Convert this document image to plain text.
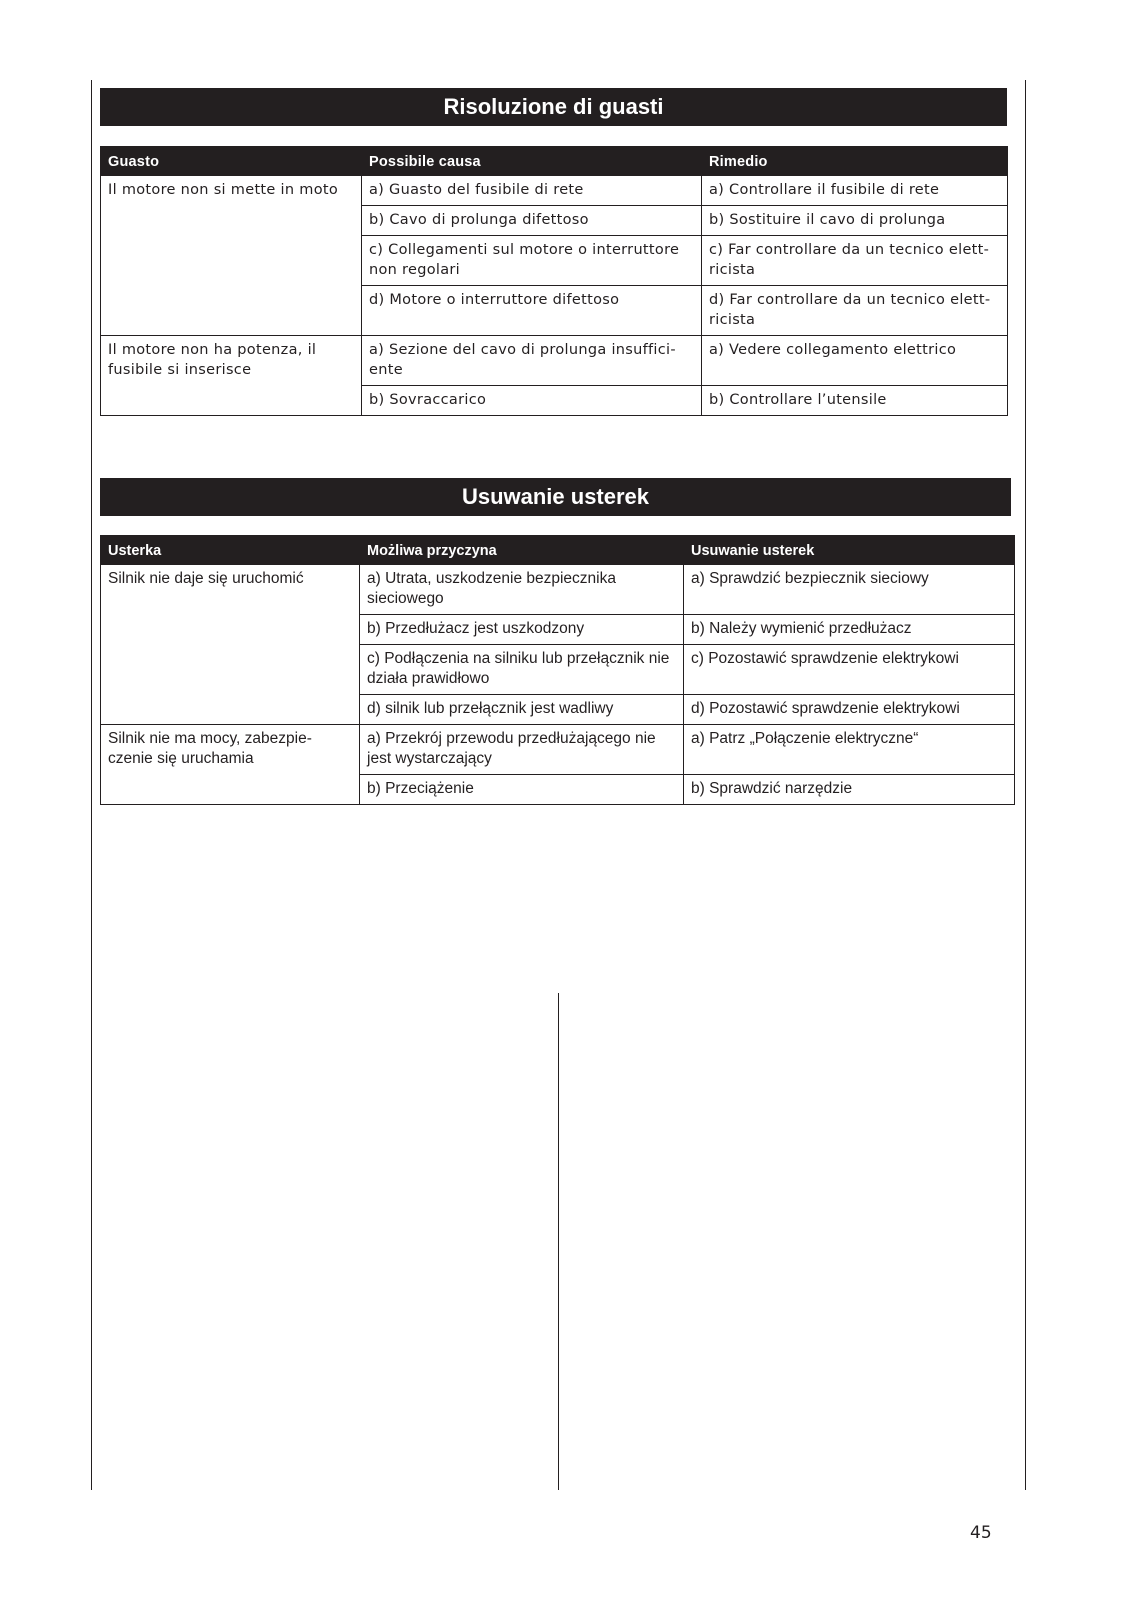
Risoluzione di guasti
Guasto	Possibile causa	Rimedio
Il motore non si mette in moto	a) Guasto del fusibile di rete	a) Controllare il fusibile di rete
	b) Cavo di prolunga difettoso	b) Sostituire il cavo di prolunga
	c) Collegamenti sul motore o interruttore non regolari	c) Far controllare da un tecnico elett-ricista
	d) Motore o interruttore difettoso	d) Far controllare da un tecnico elett-ricista
Il motore non ha potenza, il fusibile si inserisce	a) Sezione del cavo di prolunga insuffici-ente	a) Vedere collegamento elettrico
	b) Sovraccarico	b) Controllare l’utensile
Usuwanie usterek
Usterka	Możliwa przyczyna	Usuwanie usterek
Silnik nie daje się uruchomić	a) Utrata, uszkodzenie bezpiecznika sieciowego	a) Sprawdzić bezpiecznik sieciowy
	b) Przedłużacz jest uszkodzony	b) Należy wymienić przedłużacz
	c) Podłączenia na silniku lub przełącznik nie działa prawidłowo	c) Pozostawić sprawdzenie elektrykowi
	d) silnik lub przełącznik jest wadliwy	d) Pozostawić sprawdzenie elektrykowi
Silnik nie ma mocy, zabezpie-czenie się uruchamia	a) Przekrój przewodu przedłużającego nie jest wystarczający	a) Patrz „Połączenie elektryczne“
	b) Przeciążenie	b) Sprawdzić narzędzie
45
